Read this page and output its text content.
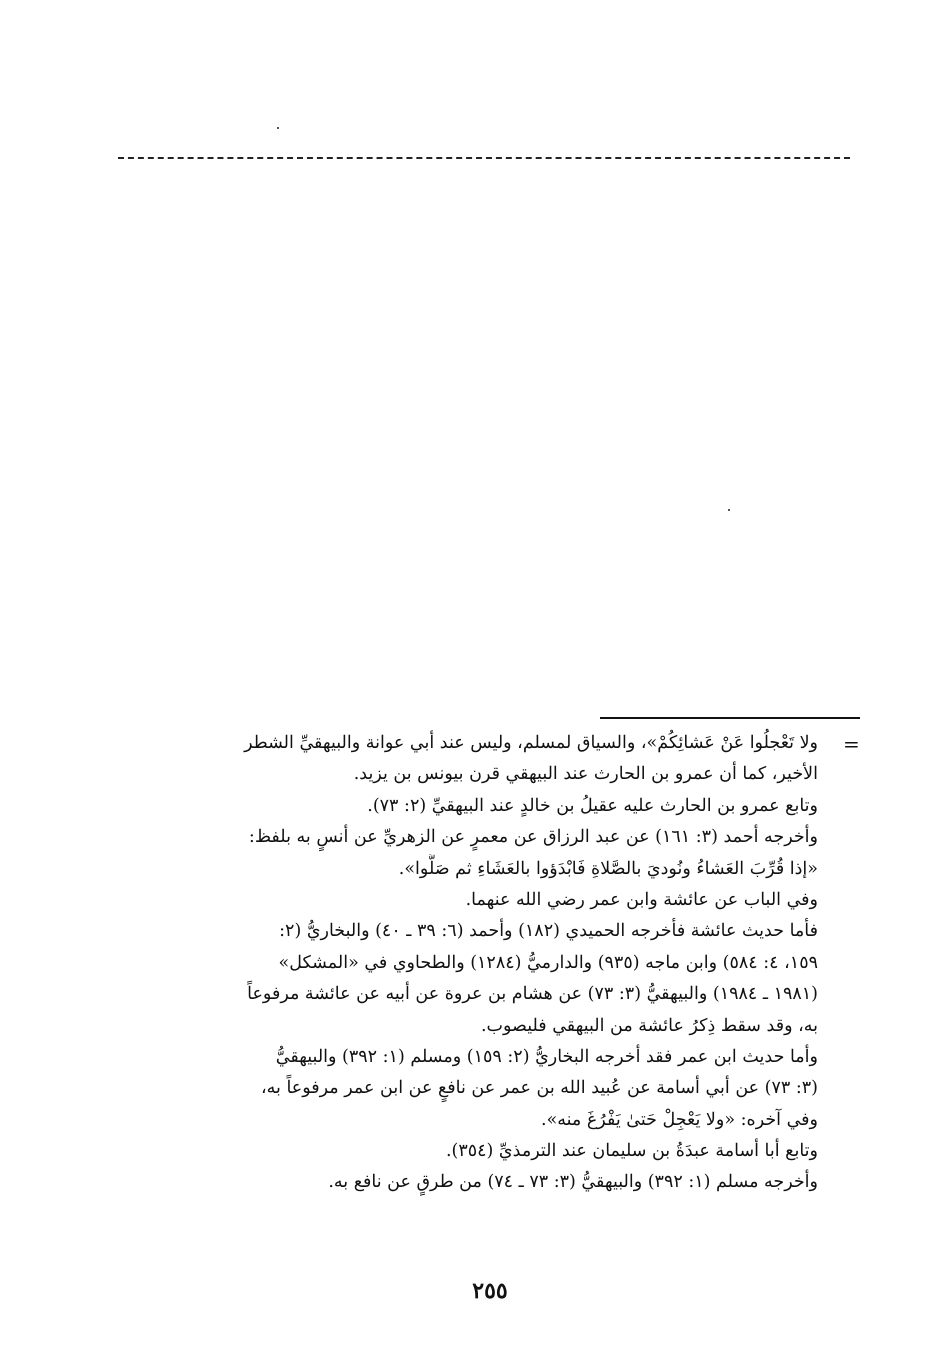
=
ولا تَعْجلُوا عَنْ عَشائِكُمْ»، والسياق لمسلم، وليس عند أبي عوانة والبيهقيِّ الشطر
الأخير، كما أن عمرو بن الحارث عند البيهقي قرن بيونس بن يزيد.
وتابع عمرو بن الحارث عليه عقيلُ بن خالدٍ عند البيهقيِّ (٢: ٧٣).
وأخرجه أحمد (٣: ١٦١) عن عبد الرزاق عن معمرٍ عن الزهريِّ عن أنسٍ به بلفظ:
«إذا قُرِّبَ العَشاءُ ونُوديَ بالصَّلاةِ فَابْدَؤوا بالعَشَاءِ ثم صَلُّوا».
وفي الباب عن عائشة وابن عمر رضي الله عنهما.
فأما حديث عائشة فأخرجه الحميدي (١٨٢) وأحمد (٦: ٣٩ ـ ٤٠) والبخاريُّ (٢:
١٥٩، ٤: ٥٨٤) وابن ماجه (٩٣٥) والدارميُّ (١٢٨٤) والطحاوي في «المشكل»
(١٩٨١ ـ ١٩٨٤) والبيهقيُّ (٣: ٧٣) عن هشام بن عروة عن أبيه عن عائشة مرفوعاً
به، وقد سقط ذِكرُ عائشة من البيهقي فليصوب.
وأما حديث ابن عمر فقد أخرجه البخاريُّ (٢: ١٥٩) ومسلم (١: ٣٩٢) والبيهقيُّ
(٣: ٧٣) عن أبي أسامة عن عُبيد الله بن عمر عن نافعٍ عن ابن عمر مرفوعاً به،
وفي آخره: «ولا يَعْجِلْ حَتىٰ يَفْرُغَ منه».
وتابع أبا أسامة عبدَةُ بن سليمان عند الترمذيِّ (٣٥٤).
وأخرجه مسلم (١: ٣٩٢) والبيهقيُّ (٣: ٧٣ ـ ٧٤) من طرقٍ عن نافع به.
٢٥٥
